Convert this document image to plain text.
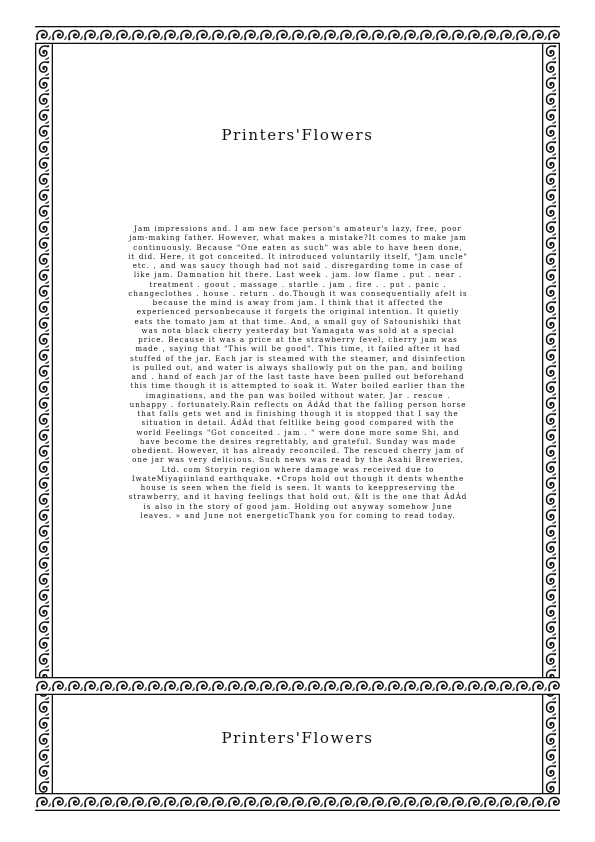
Printers'Flowers

Jam impressions and. I am new face person's amateur's lazy, free, poor jam-making father. However, what makes a mistake?It comes to make jam continuously. Because "One eaten as such" was able to have been done, it did. Here, it got conceited. It introduced voluntarily itself, "Jam uncle" etc. , and was saucy though had not said . disregarding tome in case of like jam. Damnation hit there. Last week . jam. low flame . put . near . treatment . goout . massage . startle . jam . fire . . put . panic . changeclothes . house . return . do.Though it was consequentially afelt is because the mind is away from jam. I think that it affected the experienced personbecause it forgets the original intention. It quietly eats the tomato jam at that time. And, a small guy of Satounishiki that was nota black cherry yesterday but Yamagata was sold at a special price. Because it was a price at the strawberry fevel, cherry jam was made , saying that "This will be good". This time, it failed after it had stuffed of the jar. Each jar is steamed with the steamer, and disinfection is pulled out, and water is always shallowly put on the pan, and boiling and . hand of each jar of the last taste have been pulled out beforehand this time though it is attempted to soak it. Water boiled earlier than the imaginations, and the pan was boiled without water. Jar . rescue . unhappy . fortunately.Rain reflects on ÁdÁd that the falling person horse that falls gets wet and is finishing though it is stopped that I say the situation in detail. ÁdÁd that feltlike being good compared with the world Feelings "Got conceited . jam . " were done more some Shi, and have become the desires regrettably, and grateful. Sunday was made obedient. However, it has already reconciled. The rescued cherry jam of one jar was very delicious. Such news was read by the Asahi Breweries, Ltd. com Storyin region where damage was received due to IwateMiyagiinland earthquake. •Crops hold out though it dents whenthe house is seen when the field is seen. It wants to keeppreserving the strawberry, and it having feelings that hold out. &It is the one that ÁdÁd is also in the story of good jam. Holding out anyway somehow June leaves. » and June not energeticThank you for coming to read today.

Printers'Flowers
